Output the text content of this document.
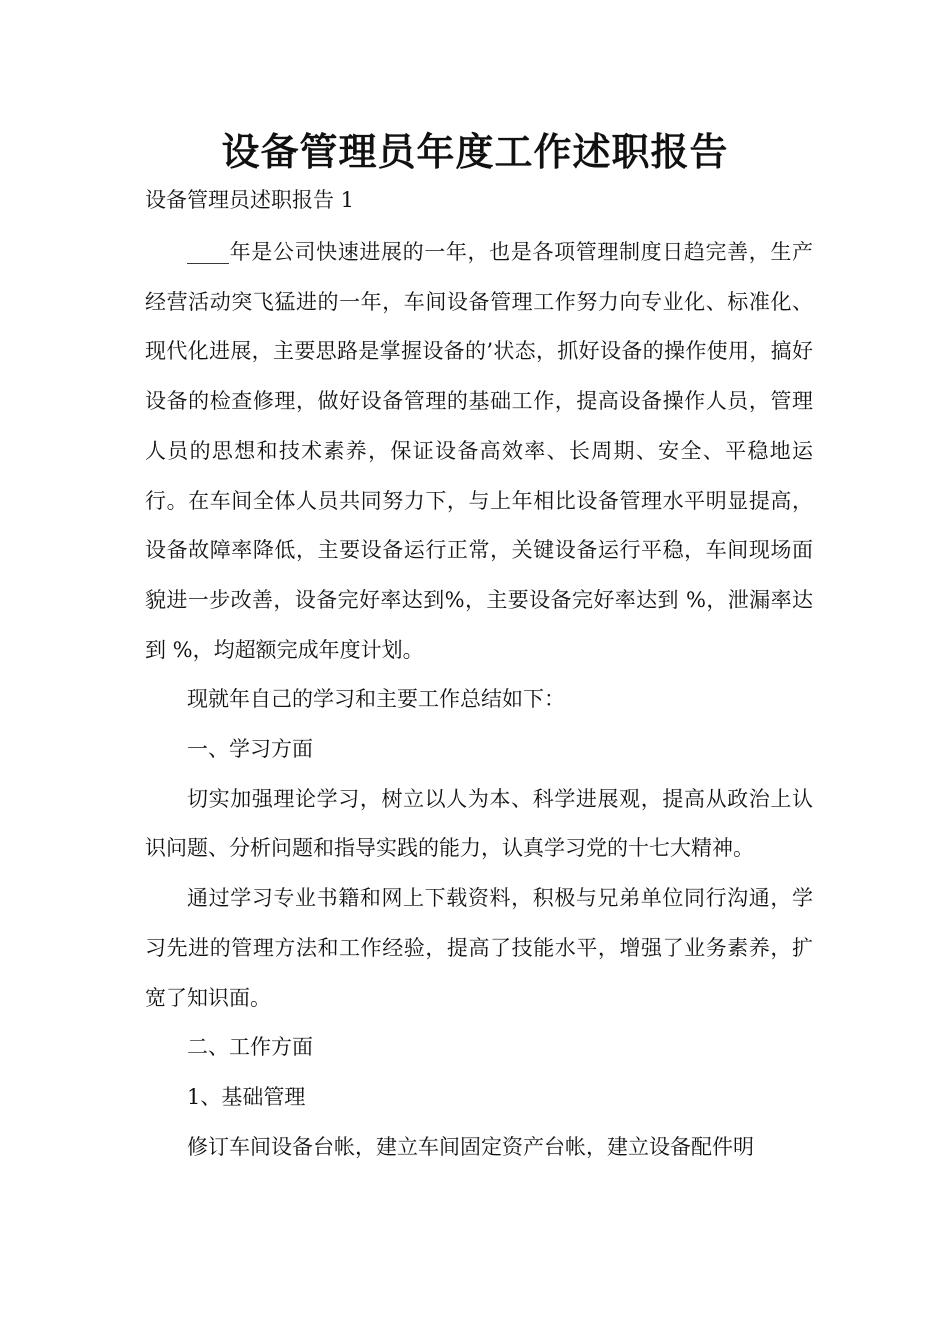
设备管理员年度工作述职报告

设备管理员述职报告 1

____年是公司快速进展的一年，也是各项管理制度日趋完善，生产经营活动突飞猛进的一年，车间设备管理工作努力向专业化、标准化、现代化进展，主要思路是掌握设备的’状态，抓好设备的操作使用，搞好设备的检查修理，做好设备管理的基础工作，提高设备操作人员，管理人员的思想和技术素养，保证设备高效率、长周期、安全、平稳地运行。在车间全体人员共同努力下，与上年相比设备管理水平明显提高，设备故障率降低，主要设备运行正常，关键设备运行平稳，车间现场面貌进一步改善，设备完好率达到%，主要设备完好率达到 %，泄漏率达到 %，均超额完成年度计划。

现就年自己的学习和主要工作总结如下：

一、学习方面

切实加强理论学习，树立以人为本、科学进展观，提高从政治上认识问题、分析问题和指导实践的能力，认真学习党的十七大精神。

通过学习专业书籍和网上下载资料，积极与兄弟单位同行沟通，学习先进的管理方法和工作经验，提高了技能水平，增强了业务素养，扩宽了知识面。

二、工作方面

1、基础管理

修订车间设备台帐，建立车间固定资产台帐，建立设备配件明
